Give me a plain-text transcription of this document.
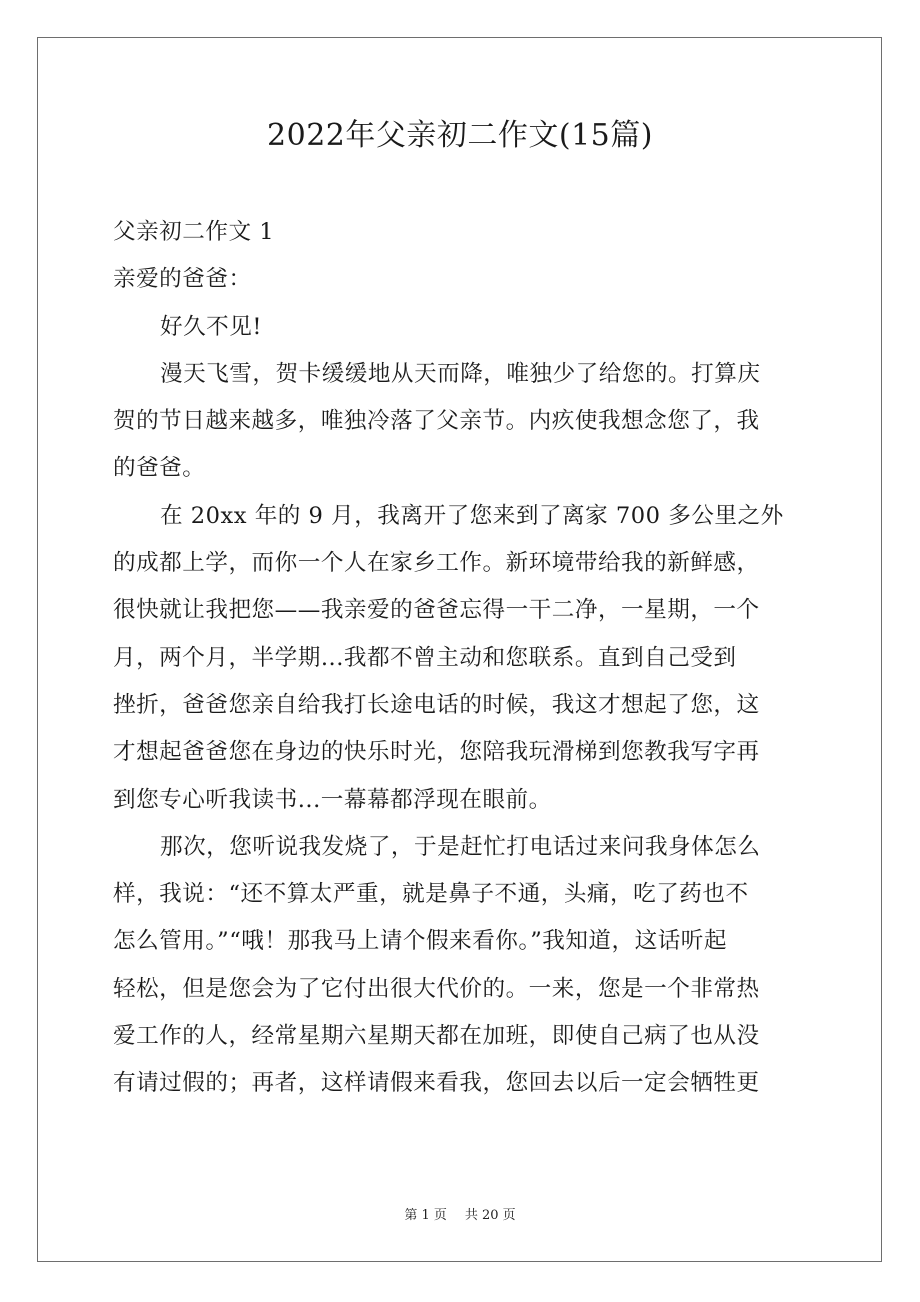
2022年父亲初二作文(15篇)
父亲初二作文 1
亲爱的爸爸：
好久不见!
漫天飞雪，贺卡缓缓地从天而降，唯独少了给您的。打算庆
贺的节日越来越多，唯独冷落了父亲节。内疚使我想念您了，我
的爸爸。
在 20xx 年的 9 月，我离开了您来到了离家 700 多公里之外
的成都上学，而你一个人在家乡工作。新环境带给我的新鲜感，
很快就让我把您——我亲爱的爸爸忘得一干二净，一星期，一个
月，两个月，半学期...我都不曾主动和您联系。直到自己受到
挫折，爸爸您亲自给我打长途电话的时候，我这才想起了您，这
才想起爸爸您在身边的快乐时光，您陪我玩滑梯到您教我写字再
到您专心听我读书...一幕幕都浮现在眼前。
那次，您听说我发烧了，于是赶忙打电话过来问我身体怎么
样，我说：“还不算太严重，就是鼻子不通，头痛，吃了药也不
怎么管用。”“哦！那我马上请个假来看你。”我知道，这话听起
轻松，但是您会为了它付出很大代价的。一来，您是一个非常热
爱工作的人，经常星期六星期天都在加班，即使自己病了也从没
有请过假的；再者，这样请假来看我，您回去以后一定会牺牲更
第 1 页 共 20 页
